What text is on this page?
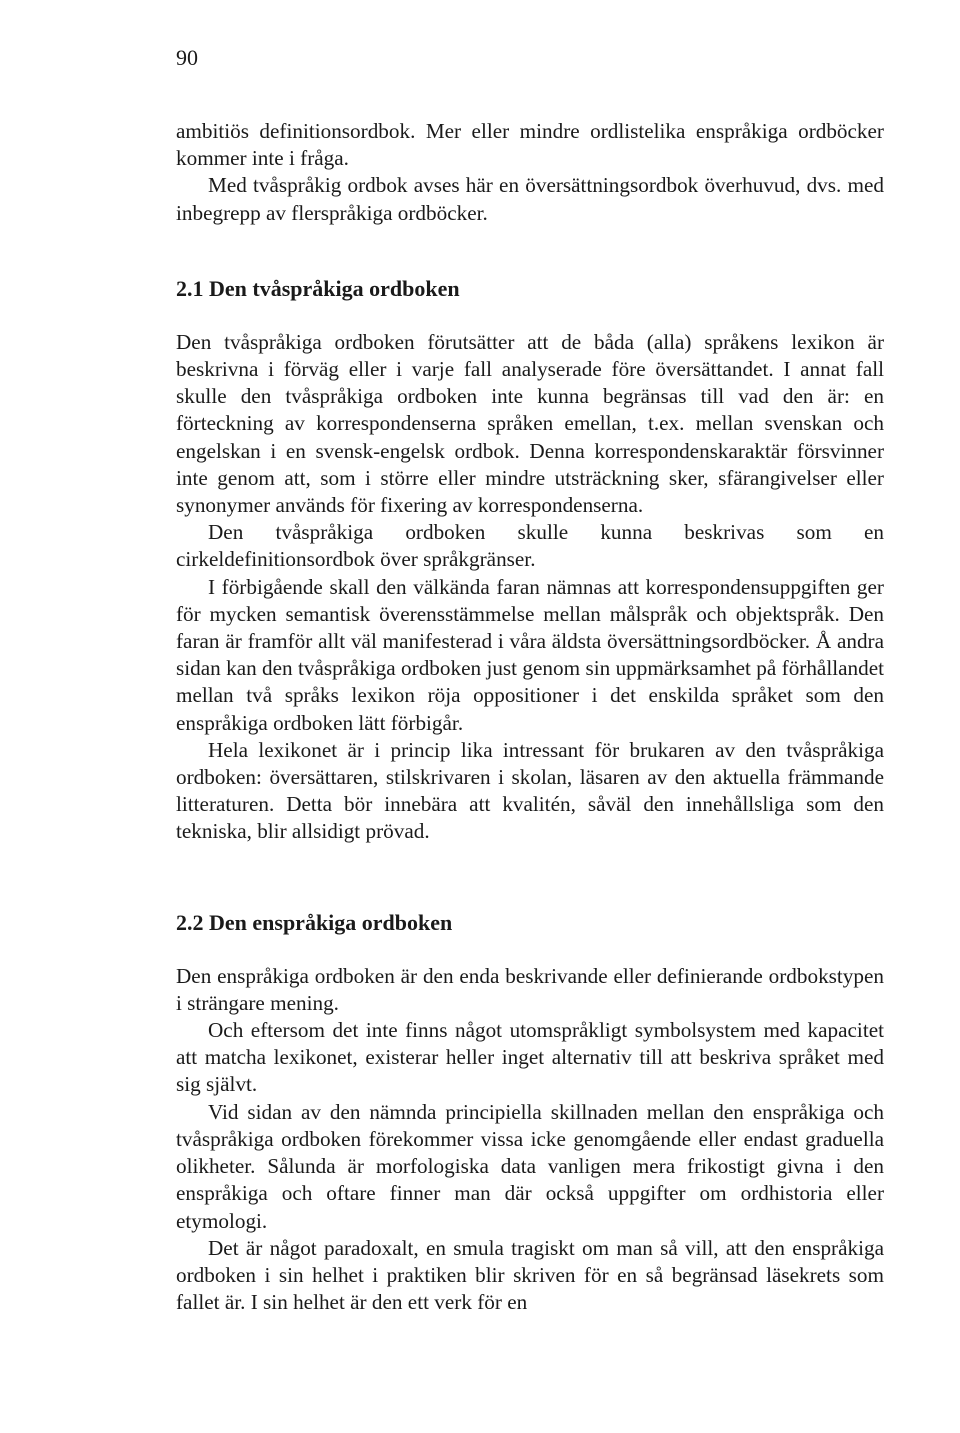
90

ambitiös definitionsordbok. Mer eller mindre ordlistelika enspråkiga ordböcker kommer inte i fråga.

Med tvåspråkig ordbok avses här en översättningsordbok överhuvud, dvs. med inbegrepp av flerspråkiga ordböcker.

2.1 Den tvåspråkiga ordboken

Den tvåspråkiga ordboken förutsätter att de båda (alla) språkens lexikon är beskrivna i förväg eller i varje fall analyserade före översättandet. I annat fall skulle den tvåspråkiga ordboken inte kunna begränsas till vad den är: en förteckning av korrespondenserna språken emellan, t.ex. mellan svenskan och engelskan i en svensk-engelsk ordbok. Denna korrespondenskaraktär försvinner inte genom att, som i större eller mindre utsträckning sker, sfärangivelser eller synonymer används för fixering av korrespondenserna.

Den tvåspråkiga ordboken skulle kunna beskrivas som en cirkeldefinitionsordbok över språkgränser.

I förbigående skall den välkända faran nämnas att korrespondensuppgiften ger för mycken semantisk överensstämmelse mellan målspråk och objektspråk. Den faran är framför allt väl manifesterad i våra äldsta översättningsordböcker. Å andra sidan kan den tvåspråkiga ordboken just genom sin uppmärksamhet på förhållandet mellan två språks lexikon röja oppositioner i det enskilda språket som den enspråkiga ordboken lätt förbigår.

Hela lexikonet är i princip lika intressant för brukaren av den tvåspråkiga ordboken: översättaren, stilskrivaren i skolan, läsaren av den aktuella främmande litteraturen. Detta bör innebära att kvalitén, såväl den innehållsliga som den tekniska, blir allsidigt prövad.

2.2 Den enspråkiga ordboken

Den enspråkiga ordboken är den enda beskrivande eller definierande ordbokstypen i strängare mening.

Och eftersom det inte finns något utomspråkligt symbolsystem med kapacitet att matcha lexikonet, existerar heller inget alternativ till att beskriva språket med sig självt.

Vid sidan av den nämnda principiella skillnaden mellan den enspråkiga och tvåspråkiga ordboken förekommer vissa icke genomgående eller endast graduella olikheter. Sålunda är morfologiska data vanligen mera frikostigt givna i den enspråkiga och oftare finner man där också uppgifter om ordhistoria eller etymologi.

Det är något paradoxalt, en smula tragiskt om man så vill, att den enspråkiga ordboken i sin helhet i praktiken blir skriven för en så begränsad läsekrets som fallet är. I sin helhet är den ett verk för en
